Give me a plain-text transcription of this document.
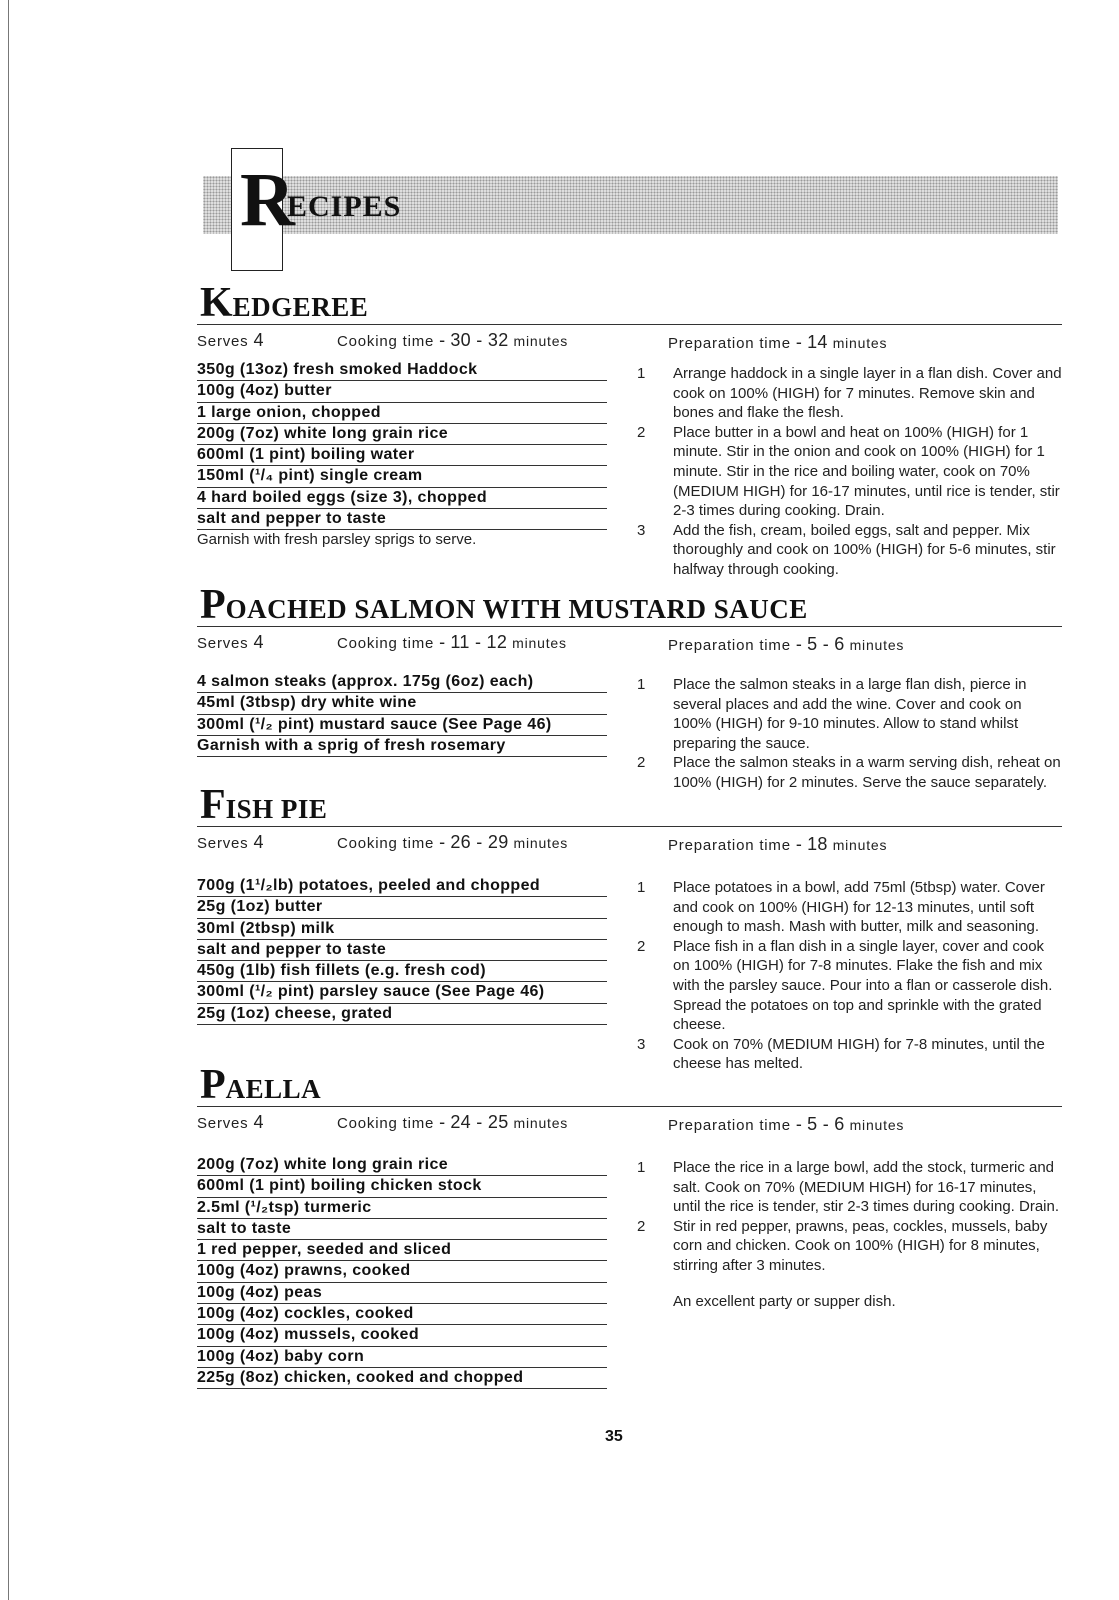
R
ECIPES
KEDGEREE
Serves 4	Cooking time - 30 - 32 minutes	Preparation time - 14 minutes
350g (13oz) fresh smoked Haddock
100g (4oz) butter
1 large onion, chopped
200g (7oz) white long grain rice
600ml (1 pint) boiling water
150ml (¹/₄ pint) single cream
4 hard boiled eggs (size 3), chopped
salt and pepper to taste
Garnish with fresh parsley sprigs to serve.
1	Arrange haddock in a single layer in a flan dish. Cover and cook on 100% (HIGH) for 7 minutes. Remove skin and bones and flake the flesh.
2	Place butter in a bowl and heat on 100% (HIGH) for 1 minute. Stir in the onion and cook on 100% (HIGH) for 1 minute. Stir in the rice and boiling water, cook on 70% (MEDIUM HIGH) for 16-17 minutes, until rice is tender, stir 2-3 times during cooking. Drain.
3	Add the fish, cream, boiled eggs, salt and pepper. Mix thoroughly and cook on 100% (HIGH) for 5-6 minutes, stir halfway through cooking.
POACHED SALMON WITH MUSTARD SAUCE
Serves 4	Cooking time - 11 - 12 minutes	Preparation time - 5 - 6 minutes
4 salmon steaks (approx. 175g (6oz) each)
45ml (3tbsp) dry white wine
300ml (¹/₂ pint) mustard sauce (See Page 46)
Garnish with a sprig of fresh rosemary
1	Place the salmon steaks in a large flan dish, pierce in several places and add the wine. Cover and cook on 100% (HIGH) for 9-10 minutes. Allow to stand whilst preparing the sauce.
2	Place the salmon steaks in a warm serving dish, reheat on 100% (HIGH) for 2 minutes. Serve the sauce separately.
FISH PIE
Serves 4	Cooking time - 26 - 29 minutes	Preparation time - 18 minutes
700g (1¹/₂lb) potatoes, peeled and chopped
25g (1oz) butter
30ml (2tbsp) milk
salt and pepper to taste
450g (1lb) fish fillets (e.g. fresh cod)
300ml (¹/₂ pint) parsley sauce (See Page 46)
25g (1oz) cheese, grated
1	Place potatoes in a bowl, add 75ml (5tbsp) water. Cover and cook on 100% (HIGH) for 12-13 minutes, until soft enough to mash. Mash with butter, milk and seasoning.
2	Place fish in a flan dish in a single layer, cover and cook on 100% (HIGH) for 7-8 minutes. Flake the fish and mix with the parsley sauce. Pour into a flan or casserole dish. Spread the potatoes on top and sprinkle with the grated cheese.
3	Cook on 70% (MEDIUM HIGH) for 7-8 minutes, until the cheese has melted.
PAELLA
Serves 4	Cooking time - 24 - 25 minutes	Preparation time - 5 - 6 minutes
200g (7oz) white long grain rice
600ml (1 pint) boiling chicken stock
2.5ml (¹/₂tsp) turmeric
salt to taste
1 red pepper, seeded and sliced
100g (4oz) prawns, cooked
100g (4oz) peas
100g (4oz) cockles, cooked
100g (4oz) mussels, cooked
100g (4oz) baby corn
225g (8oz) chicken, cooked and chopped
1	Place the rice in a large bowl, add the stock, turmeric and salt. Cook on 70% (MEDIUM HIGH) for 16-17 minutes, until the rice is tender, stir 2-3 times during cooking. Drain.
2	Stir in red pepper, prawns, peas, cockles, mussels, baby corn and chicken. Cook on 100% (HIGH) for 8 minutes, stirring after 3 minutes.
An excellent party or supper dish.
35
